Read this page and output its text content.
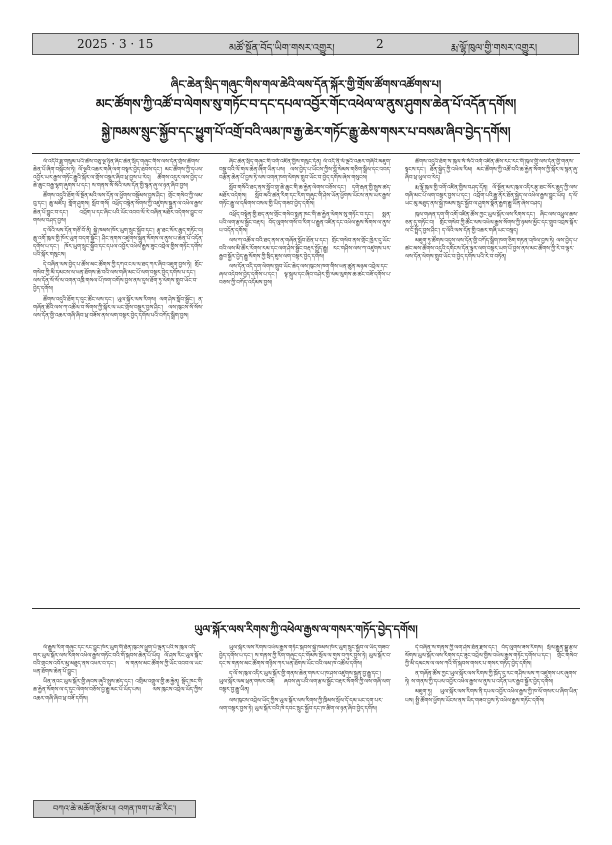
2025 · 3 · 15	མཚོ་སྔོན་བོད་ཡིག་གསར་འགྱུར།	2	རྨ་ལྷོ་ཁུལ་གྱི་གསར་འགྱུར།
ཞིང་ཆེན་སྲིད་གཞུང་གིས་གལ་ཆེའི་ལས་དོན་སྐོར་གྱི་གྲོས་ཚོགས་འཚོགས་པ།
མང་ཚོགས་ཀྱི་འཚོ་བ་ལེགས་སུ་གཏོང་བ་དང་དཔལ་འབྱོར་གོང་འཕེལ་ལ་ནུས་ཤུགས་ཆེན་པོ་འདོན་དགོས།
སྐྱེ་ཁམས་སྲུང་སྐྱོབ་དང་ཕྱུག་པོ་འགྲོ་བའི་ལམ་ཁ་རྒྱ་ཆེར་གཏོང་རྒྱུ་ཆེས་གསར་པ་བསམ་ཞིབ་བྱེད་དགོས།

ལོ་འདིའི་ཟླ་གསུམ་པའི་ཚེས་བཅུ་ལྔ་ཉིན་ཞིང་ཆེན་སྲིད་གཞུང་གིས་ལས་དོན་གྲོས་ཚོགས་ཆེན་པོ་ཞིག་བསྐོངས་ཏེ། ལོ་ལྔའི་འཆར་གཞི་ལག་བསྟར་བྱེད་ཐབས་དང་། མང་ཚོགས་ཀྱི་དཔལ་འབྱོར་ཡར་རྒྱས་གཏོང་རྒྱུའི་སྐོར་ལ་གྲོས་བསྡུར་ཞིབ་ཕྲ་བྱས་པ་རེད། ཚོགས་འདུར་ལས་བྱེད་པ་ཆེ་ཆུང་བརྒྱ་ལྷག་ཞུགས་པ་དང་། ས་གནས་སོ་སོའི་ལས་དོན་གྱི་སྙན་ཞུ་ལ་ཉན་ཞིབ་བྱས།

ཚོགས་འདུའི་ཐོག་ལོ་སྔོན་མའི་ལས་དོན་ལ་ཕྱོགས་བསྡོམས་བྱས་ཤིང་། གྲོང་གསེབ་ཀྱི་ལམ་བུ་དང་། ཆུ་མཛོད། གློག་ཤུགས། སློབ་གསོ། འཕྲོད་བསྟེན་སོགས་ཀྱི་འཛུགས་སྐྲུན་ལ་འཕེལ་རྒྱས་ཆེན་པོ་བྱུང་བ་དང་། འབྲོག་པ་དང་ཞིང་པའི་ཡོང་འབབ་ལོ་རེ་བཞིན་མཐོར་འདེགས་བྱུང་བ་གསལ་བཤད་བྱས།

ད་ལོའི་ལས་དོན་གཙོ་བོ་ནི། སྐྱེ་ཁམས་ཁོར་ཡུག་སྲུང་སྐྱོབ་དང་། རྩྭ་ཐང་སོར་ཆུད་གཏོང་བ། ཆུ་འགོ་ཁུལ་གྱི་ཁོར་ཡུག་བདག་སྐྱོང་། ཤིང་ནགས་འཛུགས་སྐྲུན་སོགས་ལ་ནུས་པ་ཆེན་པོ་འདོན་དགོས་པ་དང་། ཁོར་ཡུག་སྲུང་སྐྱོབ་དང་དཔལ་འབྱོར་འཕེལ་རྒྱས་ཟུང་འབྲེལ་གྱིས་གཏོང་དགོས་པའི་སྐོར་གསུངས།

དེ་བཞིན་ལས་བྱེད་པ་ཚོས་མང་ཚོགས་ཀྱི་དཀའ་ངལ་ལ་ཐད་ཀར་ཞིབ་འཇུག་བྱས་ཏེ། གྲོང་གསེབ་ཀྱི་མི་དམངས་ལ་ཕན་ཐོགས་ཆེ་བའི་ལས་གཞི་མང་པོ་ལག་བསྟར་བྱེད་དགོས་པ་དང་། ལས་དོན་སོ་སོ་ལ་འགན་འཁྲི་གསལ་པོ་ཁག་བགོས་བྱས་ནས་དུས་ཐོག་ཏུ་ལེགས་གྲུབ་ཡོང་བ་བྱེད་དགོས།

ཚོགས་འདུའི་ཐོག་ད་དུང་ཚོང་ལས་དང་། ཡུལ་སྐོར་ལས་རིགས། ལག་ཤེས་སློབ་སྦྱོང་། ན་གཞོན་ཚོའི་ལས་ཀ་འཚོལ་བ་སོགས་ཀྱི་སྐོར་ལ་ཡང་གྲོས་བསྡུར་བྱས་ཤིང་། ལས་ཁུངས་སོ་སོས་ལས་དོན་གྱི་འཆར་གཞི་ཞིབ་ཕྲ་བཟོས་ནས་ལག་བསྟར་བྱེད་དགོས་པའི་བཀོད་སྒྲིག་བྱས།

ཞིང་ཆེན་སྲིད་གཞུང་གི་འགོ་འཛིན་གྱིས་གསུང་དོན། ལོ་འདི་ནི་ལོ་ལྔའི་འཆར་གཞིའི་མཇུག་བསྡུ་བའི་ལོ་གལ་ཆེན་ཞིག་ཡིན་པས། ལས་བྱེད་པ་ཡོངས་ཀྱིས་བློ་སེམས་གཅིག་སྒྲིལ་དང་འབད་བརྩོན་ཆེན་པོ་བྱས་ཏེ་ལས་འགན་ཁག་ལེགས་གྲུབ་ཡོང་བ་བྱེད་དགོས་ཞེས་གསུངས།

སློབ་གསོའི་ཐད་ནས་སློབ་གྲྭ་ཆེ་ཆུང་གི་ཆ་རྐྱེན་ལེགས་བཅོས་དང་། དགེ་རྒན་གྱི་སྤུས་ཚད་མཐོར་འདེགས། སློབ་མའི་ཚན་རིག་དང་རིག་གཞུང་གི་ཤེས་ཡོན་ཕྱོགས་ཡོངས་ནས་ཡར་རྒྱས་གཏོང་རྒྱུ་ལ་དམིགས་བསལ་གྱི་ཡིད་གཟབ་བྱེད་དགོས།

འཕྲོད་བསྟེན་གྱི་ཐད་ནས་གྲོང་གསེབ་སྨན་ཁང་གི་ཆ་རྐྱེན་ལེགས་སུ་གཏོང་བ་དང་། སྨན་པའི་ལག་རྩལ་སྦྱོང་བརྡར། བོད་ལུགས་གསོ་བ་རིག་པ་རྒྱུན་འཛིན་དང་འཕེལ་རྒྱས་སོགས་ལ་ནུས་པ་འདོན་དགོས།

ལས་ཀ་འཚོལ་བའི་ཐད་ནས་ན་གཞོན་སློབ་ཐོན་པ་དང་། གྲོང་གསེབ་ནས་གྲོང་ཁྱེར་དུ་ཡོང་བའི་ལས་མི་ཚོར་རོགས་རམ་དང་ལག་ཤེས་སྦྱོང་བརྡར་སྤྲོད་རྒྱུ། རང་གཤིས་ལས་ཀ་འཛུགས་པར་རྒྱབ་སྐྱོར་བྱེད་རྒྱུ་སོགས་ཀྱི་སྲིད་ཇུས་ལག་བསྟར་བྱེད་དགོས།

ལས་དོན་འདི་དག་ལེགས་གྲུབ་ཡོང་ཆེད་ལས་ཁུངས་ཁག་གིས་ཕན་ཚུན་མཉམ་འབྲེལ་དང་ཞལ་འདེབས་བྱེད་དགོས་པ་དང་། ལྟ་སྐུལ་དང་ཞིབ་བཤེར་གྱི་ལམ་ལུགས་ཆ་ཚང་བཟོ་དགོས་པ་བཅས་ཀྱི་བཀོད་འདོམས་བྱས།

ཚོགས་འདུའི་ཐོག་ས་ཁུལ་སོ་སོའི་འགོ་འཛིན་ཚོས་རང་རང་གི་ཁུལ་གྱི་ལས་དོན་གྱི་གནས་སྟངས་དང་། ཐོན་སྐྱེད་ཀྱི་འཕེལ་རིམ། མང་ཚོགས་ཀྱི་འཚོ་བའི་ཆ་རྐྱེན་སོགས་ཀྱི་སྐོར་ལ་སྙན་ཞུ་ཞིབ་ཕྲ་ཕུལ་བ་རེད།

རྨ་ལྷོ་ཁུལ་གྱི་འགོ་འཛིན་གྱིས་བཤད་དོན། ལོ་སྔོན་མར་ཁུལ་འདིར་རྩྭ་ཐང་སོར་ཆུད་ཀྱི་ལས་གཞི་མང་པོ་ལག་བསྟར་བྱས་པ་དང་། འབྲོག་པའི་རྒྱུ་ནོར་ཐོན་སྐྱེད་ལ་འཕེལ་རྒྱས་བྱུང་ཡོད། ད་ལོ་ཡང་མུ་མཐུད་ནས་སྐྱེ་ཁམས་སྲུང་སྐྱོབ་ལ་ཤུགས་སྣོན་རྒྱག་རྒྱུ་ཡིན་ཞེས་བཤད།

ཁུལ་གཞན་དག་གི་འགོ་འཛིན་ཚོས་ཀྱང་ཡུལ་སྐོར་ལས་རིགས་དང་། ཞིང་ལས་འཕྲུལ་ཆས་ཅན་དུ་གཏོང་བ། གྲོང་གསེབ་ཀྱི་ཚོང་ལས་འཕེལ་རྒྱས་སོགས་ཀྱི་ཉམས་མྱོང་དང་གྲུབ་འབྲས་སྐོར་ལ་ངོ་སྤྲོད་བྱས་ཤིང་། ད་ལོའི་ལས་དོན་གྱི་འཆར་གཞི་ཡང་བསྙད།

མཇུག་ཏུ་ཚོགས་འདུས་ལས་དོན་གྱི་བཀོད་སྒྲིག་ཁག་ཅིག་གཏན་འཁེལ་བྱས་ཏེ། ལས་བྱེད་པ་ཚང་མས་ཚོགས་འདུའི་དགོངས་དོན་ལྟར་ལག་བསྟར་ཡག་པོ་བྱས་ནས་མང་ཚོགས་ཀྱི་རེ་བ་ལྟར་ལས་དོན་ལེགས་གྲུབ་ཡོང་བ་བྱེད་དགོས་པའི་རེ་བ་བཏོན།

ཡུལ་སྐོར་ལས་རིགས་ཀྱི་འཕེལ་རྒྱས་ལ་གསར་གཏོད་བྱེད་དགོས།

ལོ་རྒྱུས་རིག་གཞུང་དང་རང་བྱུང་ཁོར་ཡུག་གི་ཐོན་ཁུངས་ཕྱུག་པོ་ལྡན་པའི་ས་ཁུལ་འདི་གར་ཡུལ་སྐོར་ལས་རིགས་འཕེལ་རྒྱས་གཏོང་བའི་གོ་སྐབས་ཆེན་པོ་ཡོད། ལོ་ཤས་རིང་ཡུལ་སྐོར་བའི་གྲངས་འབོར་མུ་མཐུད་ནས་འཕར་བ་དང་། ས་གནས་མང་ཚོགས་ཀྱི་ཡོང་འབབ་ལ་ཡང་ཕན་ཐོགས་ཆེན་པོ་བྱུང་།

ཡིན་ནའང་ཡུལ་སྐོར་གྱི་ཞབས་ཞུའི་སྤུས་ཚད་དང་། འགྲིམ་འགྲུལ་གྱི་ཆ་རྐྱེན། སྡོད་ཁང་གི་ཆ་རྐྱེན་སོགས་ལ་ད་དུང་ལེགས་བཅོས་བྱ་རྒྱུ་མང་པོ་ཡོད་པས། ལས་ཁུངས་འབྲེལ་ཡོད་ཀྱིས་འཆར་གཞི་ཞིབ་ཕྲ་བཟོ་དགོས།

ཡུལ་སྐོར་ལས་རིགས་འཕེལ་རྒྱས་གཏོང་སྐབས་སྐྱེ་ཁམས་ཁོར་ཡུག་སྲུང་སྐྱོབ་ལ་ཡིད་གཟབ་བྱེད་དགོས་པ་དང་། ས་གནས་ཀྱི་རིག་གཞུང་དང་གོམས་སྲོལ་ལ་གུས་བཀུར་བྱས་ཏེ། ཡུལ་སྐོར་བ་དང་ས་གནས་མང་ཚོགས་གཉིས་ཀར་ཕན་ཐོགས་ཡོང་བའི་ལམ་ཁ་འཚོལ་དགོས།

ད་ལོ་ས་ཁུལ་འདིར་ཡུལ་སྐོར་གྱི་གནས་ཆེན་གསར་པ་ཁ་ཤས་འཛུགས་སྐྲུན་བྱ་རྒྱུ་དང་། ཡུལ་སྐོར་ལམ་ཕྲན་གསར་བཟོ། ཞབས་ཞུ་པའི་ལག་རྩལ་སྦྱོང་བརྡར་སོགས་ཀྱི་ལས་གཞི་ལག་བསྟར་བྱ་རྒྱུ་ཡིན།

ལས་ཁུངས་འབྲེལ་ཡོད་ཀྱིས་ཡུལ་སྐོར་ལས་རིགས་ཀྱི་ཁྲིམས་སྲོལ་དོ་དམ་ཡང་དག་པར་ལག་བསྟར་བྱས་ཏེ། ཡུལ་སྐོར་བའི་ཁེ་དབང་སྲུང་སྐྱོབ་དང་ཁ་ཚིག་ལ་ཉན་ཞིབ་བྱེད་དགོས།

དེ་བཞིན་ས་གནས་ཀྱི་ལག་ཤེས་ཐོན་རྫས་དང་། བོད་ལུགས་ཟས་རིགས། སྲོལ་རྒྱུན་སྒྱུ་རྩལ་སོགས་ཡུལ་སྐོར་ལས་རིགས་དང་ཟུང་འབྲེལ་གྱིས་འཕེལ་རྒྱས་གཏོང་དགོས་པ་དང་། གྲོང་གསེབ་ཀྱི་མི་དམངས་ལ་ལས་ཀའི་གོ་སྐབས་གསར་པ་གསར་གཏོད་བྱེད་དགོས།

ན་གཞོན་ཚོས་ཀྱང་ཡུལ་སྐོར་ལས་རིགས་ཀྱི་ཁྲོད་དུ་རང་གཤིས་ལས་ཀ་འཛུགས་པར་ཞུགས་ཏེ། ས་གནས་ཀྱི་དཔལ་འབྱོར་འཕེལ་རྒྱས་ལ་ནུས་པ་འདོན་པར་རྒྱབ་སྐྱོར་བྱེད་དགོས།

མཇུག་ཏུ། ཡུལ་སྐོར་ལས་རིགས་ནི་དཔལ་འབྱོར་འཕེལ་རྒྱས་ཀྱི་ཁ་ལོ་གསར་པ་ཞིག་ཡིན་པས། སྤྱི་ཚོགས་ཕྱོགས་ཡོངས་ནས་ཡིད་གཟབ་བྱས་ཏེ་འཕེལ་རྒྱས་གཏོང་དགོས།

བཀའ་ཆེ་མཆོག་རྩོམ་པ། འགན་ཁག་པ་ཚེ་རིང་།
